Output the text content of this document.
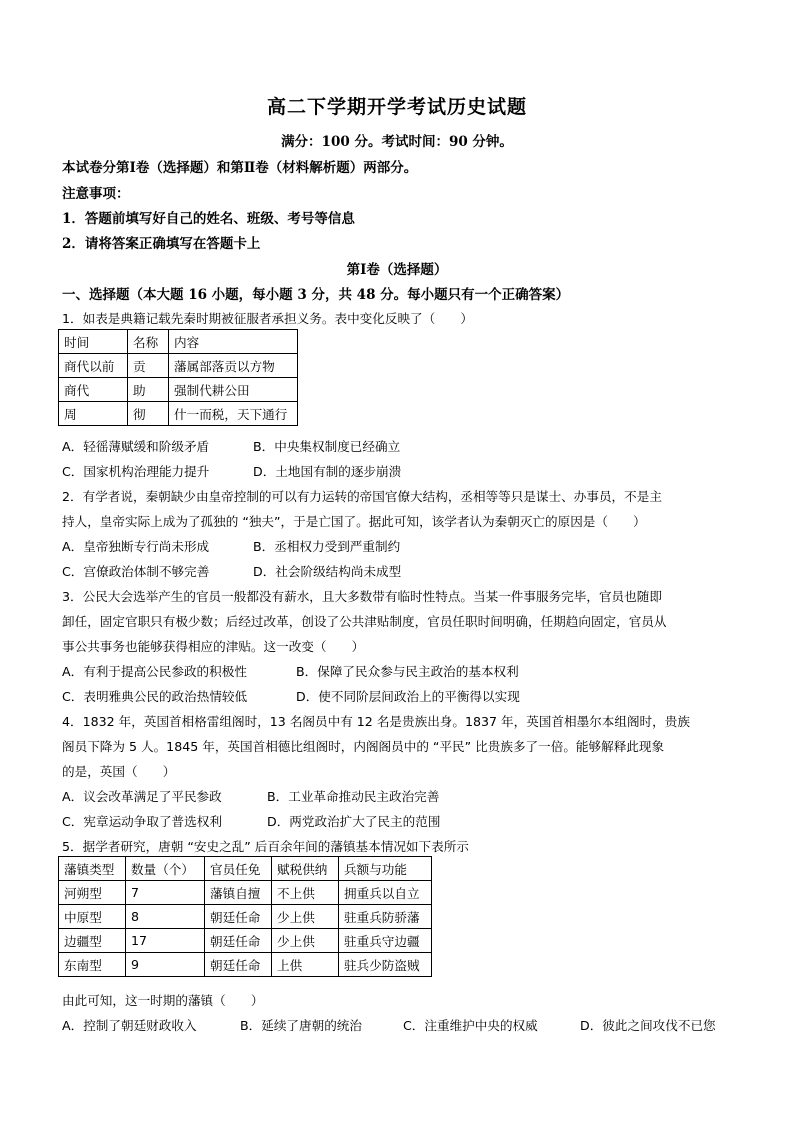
高二下学期开学考试历史试题
满分：100 分。考试时间：90 分钟。
本试卷分第Ⅰ卷（选择题）和第Ⅱ卷（材料解析题）两部分。
注意事项：
1．答题前填写好自己的姓名、班级、考号等信息
2．请将答案正确填写在答题卡上
第Ⅰ卷（选择题）
一、选择题（本大题 16 小题，每小题 3 分，共 48 分。每小题只有一个正确答案）
1．如表是典籍记载先秦时期被征服者承担义务。表中变化反映了（　　）
时间	名称	内容
商代以前	贡	藩属部落贡以方物
商代	助	强制代耕公田
周	彻	什一而税，天下通行
A．轻徭薄赋缓和阶级矛盾	B．中央集权制度已经确立
C．国家机构治理能力提升	D．土地国有制的逐步崩溃
2．有学者说，秦朝缺少由皇帝控制的可以有力运转的帝国官僚大结构，丞相等等只是谋士、办事员，不是主
持人，皇帝实际上成为了孤独的 “独夫”，于是亡国了。据此可知，该学者认为秦朝灭亡的原因是（　　）
A．皇帝独断专行尚未形成	B．丞相权力受到严重制约
C．宫僚政治体制不够完善	D．社会阶级结构尚未成型
3．公民大会选举产生的官员一般都没有薪水，且大多数带有临时性特点。当某一件事服务完毕，官员也随即
卸任，固定官职只有极少数；后经过改革，创设了公共津贴制度，官员任职时间明确，任期趋向固定，官员从
事公共事务也能够获得相应的津贴。这一改变（　　）
A．有利于提高公民参政的积极性	B．保障了民众参与民主政治的基本权利
C．表明雅典公民的政治热情较低	D．使不同阶层间政治上的平衡得以实现
4．1832 年，英国首相格雷组阁时，13 名阁员中有 12 名是贵族出身。1837 年，英国首相墨尔本组阁时，贵族
阁员下降为 5 人。1845 年，英国首相德比组阁时，内阁阁员中的 “平民” 比贵族多了一倍。能够解释此现象
的是，英国（　　）
A．议会改革满足了平民参政	B．工业革命推动民主政治完善
C．宪章运动争取了普选权利	D．两党政治扩大了民主的范围
5．据学者研究，唐朝 “安史之乱” 后百余年间的藩镇基本情况如下表所示
藩镇类型	数量（个）	官员任免	赋税供纳	兵额与功能
河朔型	7	藩镇自擅	不上供	拥重兵以自立
中原型	8	朝廷任命	少上供	驻重兵防骄藩
边疆型	17	朝廷任命	少上供	驻重兵守边疆
东南型	9	朝廷任命	上供	驻兵少防盗贼
由此可知，这一时期的藩镇（　　）
A．控制了朝廷财政收入	B．延续了唐朝的统治	C．注重维护中央的权威	D．彼此之间攻伐不已您
